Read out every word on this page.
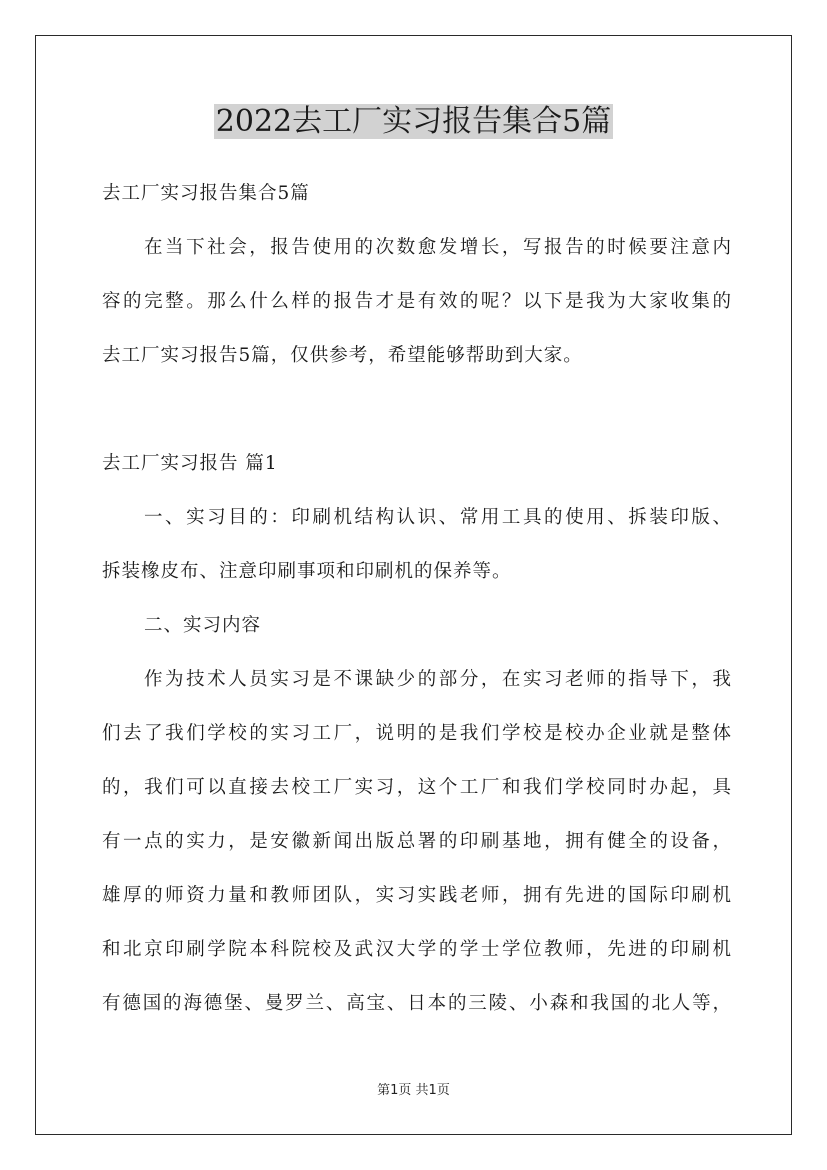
2022去工厂实习报告集合5篇

去工厂实习报告集合5篇

在当下社会，报告使用的次数愈发增长，写报告的时候要注意内

容的完整。那么什么样的报告才是有效的呢？以下是我为大家收集的

去工厂实习报告5篇，仅供参考，希望能够帮助到大家。

去工厂实习报告 篇1

一、实习目的：印刷机结构认识、常用工具的使用、拆装印版、

拆装橡皮布、注意印刷事项和印刷机的保养等。

二、实习内容

作为技术人员实习是不课缺少的部分，在实习老师的指导下，我

们去了我们学校的实习工厂，说明的是我们学校是校办企业就是整体

的，我们可以直接去校工厂实习，这个工厂和我们学校同时办起，具

有一点的实力，是安徽新闻出版总署的印刷基地，拥有健全的设备，

雄厚的师资力量和教师团队，实习实践老师，拥有先进的国际印刷机

和北京印刷学院本科院校及武汉大学的学士学位教师，先进的印刷机

有德国的海德堡、曼罗兰、高宝、日本的三陵、小森和我国的北人等，

第1页 共1页
